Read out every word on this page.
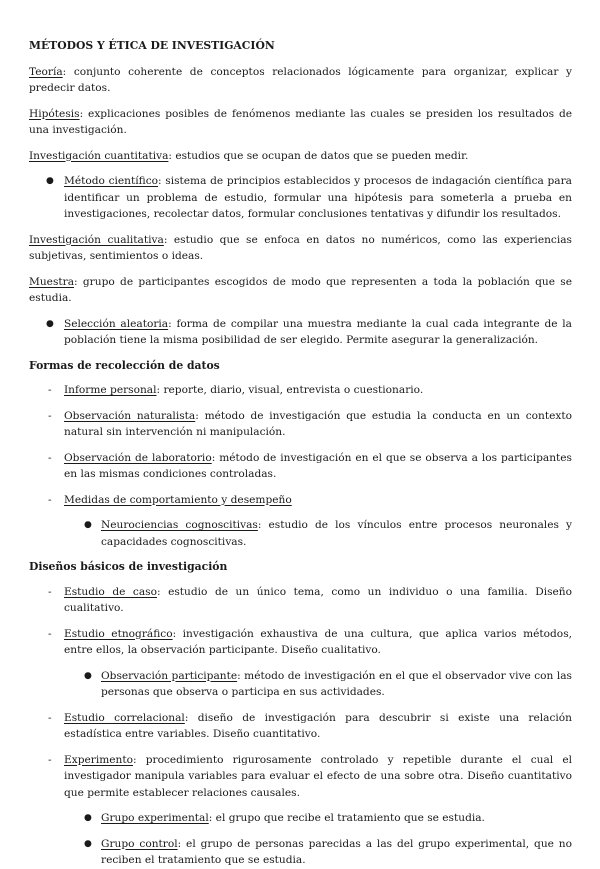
MÉTODOS Y ÉTICA DE INVESTIGACIÓN

Teoría: conjunto coherente de conceptos relacionados lógicamente para organizar, explicar y predecir datos.

Hipótesis: explicaciones posibles de fenómenos mediante las cuales se presiden los resultados de una investigación.

Investigación cuantitativa: estudios que se ocupan de datos que se pueden medir.

● Método científico: sistema de principios establecidos y procesos de indagación científica para identificar un problema de estudio, formular una hipótesis para someterla a prueba en investigaciones, recolectar datos, formular conclusiones tentativas y difundir los resultados.

Investigación cualitativa: estudio que se enfoca en datos no numéricos, como las experiencias subjetivas, sentimientos o ideas.

Muestra: grupo de participantes escogidos de modo que representen a toda la población que se estudia.

● Selección aleatoria: forma de compilar una muestra mediante la cual cada integrante de la población tiene la misma posibilidad de ser elegido. Permite asegurar la generalización.

Formas de recolección de datos

- Informe personal: reporte, diario, visual, entrevista o cuestionario.

- Observación naturalista: método de investigación que estudia la conducta en un contexto natural sin intervención ni manipulación.

- Observación de laboratorio: método de investigación en el que se observa a los participantes en las mismas condiciones controladas.

- Medidas de comportamiento y desempeño

● Neurociencias cognoscitivas: estudio de los vínculos entre procesos neuronales y capacidades cognoscitivas.

Diseños básicos de investigación

- Estudio de caso: estudio de un único tema, como un individuo o una familia. Diseño cualitativo.

- Estudio etnográfico: investigación exhaustiva de una cultura, que aplica varios métodos, entre ellos, la observación participante. Diseño cualitativo.

● Observación participante: método de investigación en el que el observador vive con las personas que observa o participa en sus actividades.

- Estudio correlacional: diseño de investigación para descubrir si existe una relación estadística entre variables. Diseño cuantitativo.

- Experimento: procedimiento rigurosamente controlado y repetible durante el cual el investigador manipula variables para evaluar el efecto de una sobre otra. Diseño cuantitativo que permite establecer relaciones causales.

● Grupo experimental: el grupo que recibe el tratamiento que se estudia.

● Grupo control: el grupo de personas parecidas a las del grupo experimental, que no reciben el tratamiento que se estudia.
